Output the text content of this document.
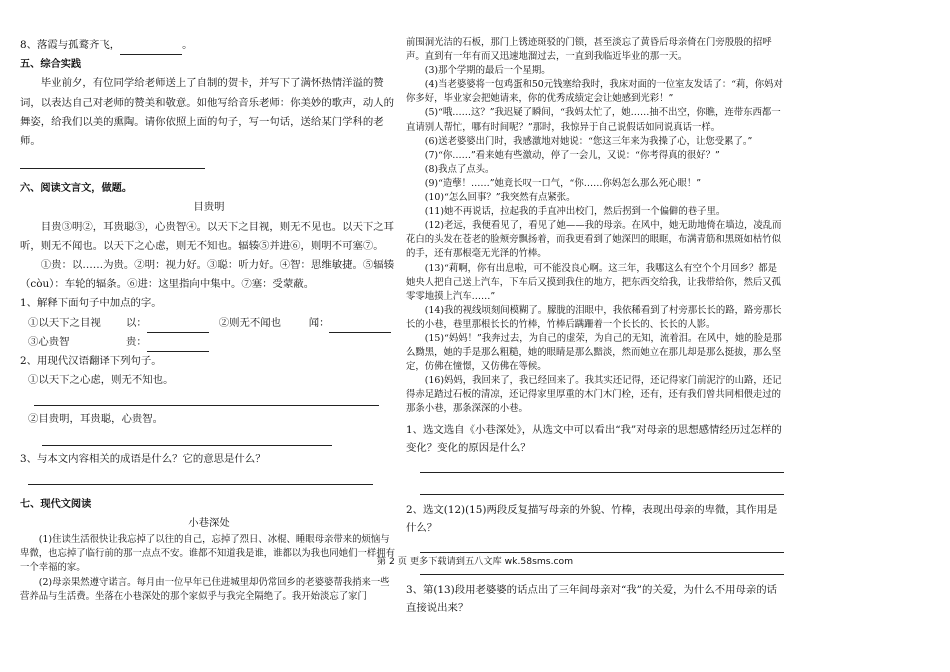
8、落霞与孤鹜齐飞，	。

五、综合实践

毕业前夕，有位同学给老师送上了自制的贺卡，并写下了满怀热情洋溢的赞词，以表达自己对老师的赞美和敬意。如他写给音乐老师：你美妙的歌声，动人的舞姿，给我们以美的熏陶。请你依照上面的句子，写一句话，送给某门学科的老师。

六、阅读文言文，做题。

目贵明

目贵③明②，耳贵聪③，心贵智④。以天下之目视，则无不见也。以天下之耳听，则无不闻也。以天下之心虑，则无不知也。辐辏⑤并进⑥，则明不可塞⑦。

①贵：以……为贵。②明：视力好。③聪：听力好。④智：思维敏捷。⑤辐辏（còu）：车轮的辐条。⑥进：这里指向中集中。⑦塞：受蒙蔽。

1、解释下面句子中加点的字。

①以天下之目视 以：	②则无不闻也	闻：

③心贵智	贵：

2、用现代汉语翻译下列句子。

①以天下之心虑，则无不知也。

②目贵明，耳贵聪，心贵智。

3、与本文内容相关的成语是什么？它的意思是什么？

七、现代文阅读

小巷深处

(1)住读生活很快让我忘掉了以往的自己，忘掉了烈日、冰棍、睡眼母亲带来的烦恼与卑微，也忘掉了临行前的那一点点不安。谁都不知道我是谁，谁都以为我也同她们一样拥有一个幸福的家。

(2)母亲果然遵守诺言。每月由一位早年已住进城里却仍常回乡的老婆婆帮我捎来一些营养品与生活费。坐落在小巷深处的那个家似乎与我完全隔绝了。我开始淡忘了家门

前围洞光洁的石板，那门上锈迹斑驳的门锁，甚至淡忘了黄昏后母亲倚在门旁殷殷的招呼声。直到有一年有而又迅速地溜过去，一直到我临近毕业的那一天。

(3)那个学期的最后一个星期。

(4)当老婆婆将一包鸡蛋和50元钱塞给我时，我床对面的一位室友发话了：“莉，你妈对你多好，毕业家会把她请来，你的优秀成绩定会让她感到光彩！”

(5)“哦……这？”我迟疑了瞬间，“我妈太忙了，她……抽不出空，你瞧，连带东西都一直请别人帮忙，哪有时间呢？”那时，我惊异于自己说假话如同说真话一样。

(6)送老婆婆出门时，我感激地对她说：“您这三年来为我操了心，让您受累了。”

(7)“你……”看来她有些激动，停了一会儿，又说：“你考得真的很好？”

(8)我点了点头。

(9)“造孽！……”她竟长叹一口气，“你……你妈怎么那么死心眼！”

(10)“怎么回事？”我突然有点紧张。

(11)她不再说话，拉起我的手直冲出校门，然后拐到一个偏僻的巷子里。

(12)老远，我便看见了，看见了她——我的母亲。在风中，她无助地倚在墙边，凌乱而花白的头发在苍老的脸颊旁飘扬着，而我更看到了她深凹的眼眶，布满青筋和黑斑如枯竹似的手，还有那根毫无光泽的竹棒。

(13)“莉啊，你有出息啦，可不能没良心啊。这三年，我哪这么有空个个月回乡？都是她央人把自己送上汽车，下车后又摸到我住的地方，把东西交给我，让我带给你，然后又孤零零地摸上汽车……”

(14)我的视线顷刻间模糊了。朦胧的泪眼中，我依稀看到了村旁那长长的路，路旁那长长的小巷，巷里那根长长的竹棒，竹棒后蹒跚着一个长长的、长长的人影。

(15)“妈妈！”我奔过去，为自己的虚荣，为自己的无知，流着泪。在风中，她的脸是那么黝黑，她的手是那么粗糙，她的眼睛是那么黯淡，然而她立在那儿却是那么挺拔，那么坚定，仿佛在憧憬，又仿佛在等候。

(16)妈妈，我回来了，我已经回来了。我其实还记得，还记得家门前泥泞的山路，还记得赤足踏过石板的清凉，还记得家里厚重的木门木门栓，还有，还有我们曾共同相偎走过的那条小巷，那条深深的小巷。

1、选文选自《小巷深处》，从选文中可以看出“我”对母亲的思想感情经历过怎样的变化？变化的原因是什么？

2、选文(12)(15)两段反复描写母亲的外貌、竹棒，表现出母亲的卑微，其作用是什么？

3、第(13)段用老婆婆的话点出了三年间母亲对“我”的关爱，为什么不用母亲的话直接说出来？

第 2 页 更多下载请到五八文库 wk.58sms.com
